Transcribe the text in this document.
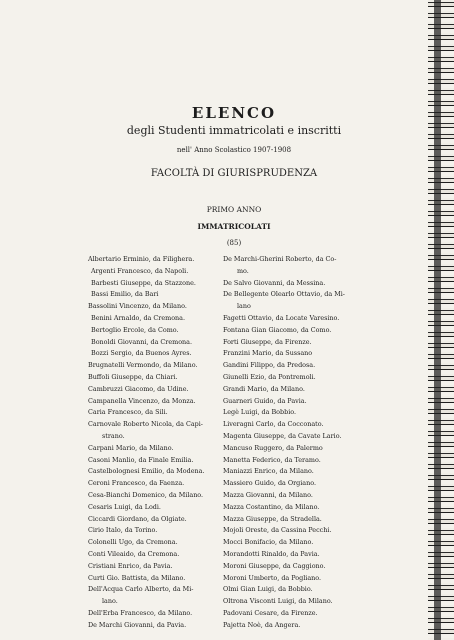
ELENCO
degli Studenti immatricolati e inscritti
nell' Anno Scolastico 1907-1908
FACOLTÀ DI GIURISPRUDENZA
PRIMO ANNO
IMMATRICOLATI
(85)
Albertario Erminio, da Filighera.
Argenti Francesco, da Napoli.
Barbesti Giuseppe, da Stazzone.
Bassi Emilio, da Bari
Bassolini Vincenzo, da Milano.
Benini Arnaldo, da Cremona.
Bertoglio Ercole, da Como.
Bonoldi Giovanni, da Cremona.
Bozzi Sergio, da Buenos Ayres.
Brugnatelli Vermondo, da Milano.
Buffoli Giuseppe, da Chiari.
Cambruzzi Giacomo, da Udine.
Campanella Vincenzo, da Monza.
Caria Francesco, da Sili.
Carnovale Roberto Nicola, da Capi-
strano.
Carpani Mario, da Milano.
Casoni Manlio, da Finale Emilia.
Castelbolognesi Emilio, da Modena.
Ceroni Francesco, da Faenza.
Cesa-Bianchi Domenico, da Milano.
Cesaris Luigi, da Lodi.
Ciccardi Giordano, da Olgiate.
Cirio Italo, da Torino.
Colonelli Ugo, da Cremona.
Conti Vileaido, da Cremona.
Cristiani Enrico, da Pavia.
Curti Gio. Battista, da Milano.
Dell'Acqua Carlo Alberto, da Mi-
lano.
Dell'Erba Francesco, da Milano.
De Marchi Giovanni, da Pavia.
De Marchi-Gherini Roberto, da Co-
mo.
De Salvo Giovanni, da Messina.
De Bellegente Olearlo Ottavio, da Mi-
lano
Fagetti Ottavio, da Locate Varesino.
Fontana Gian Giacomo, da Como.
Forti Giuseppe, da Firenze.
Franzini Mario, da Sussano
Gandini Filippo, da Predosa.
Giunelli Ezio, da Pontremoli.
Grandi Mario, da Milano.
Guarneri Guido, da Pavia.
Legè Luigi, da Bobbio.
Liveragni Carlo, da Cocconato.
Magenta Giuseppe, da Cavate Lario.
Mancuso Ruggero, da Palermo
Manetta Federico, da Teramo.
Maniazzi Enrico, da Milano.
Massiero Guido, da Orgiano.
Mazza Giovanni, da Milano.
Mazza Costantino, da Milano.
Mazza Giuseppe, da Stradella.
Mojoli Oreste, da Cassina Pecchi.
Mocci Bonifacio, da Milano.
Morandotti Rinaldo, da Pavia.
Moroni Giuseppe, da Caggiono.
Moroni Umberto, da Pogliano.
Olmi Gian Luigi, da Bobbio.
Oltrona Visconti Luigi, da Milano.
Padovani Cesare, da Firenze.
Pajetta Noè, da Angera.
